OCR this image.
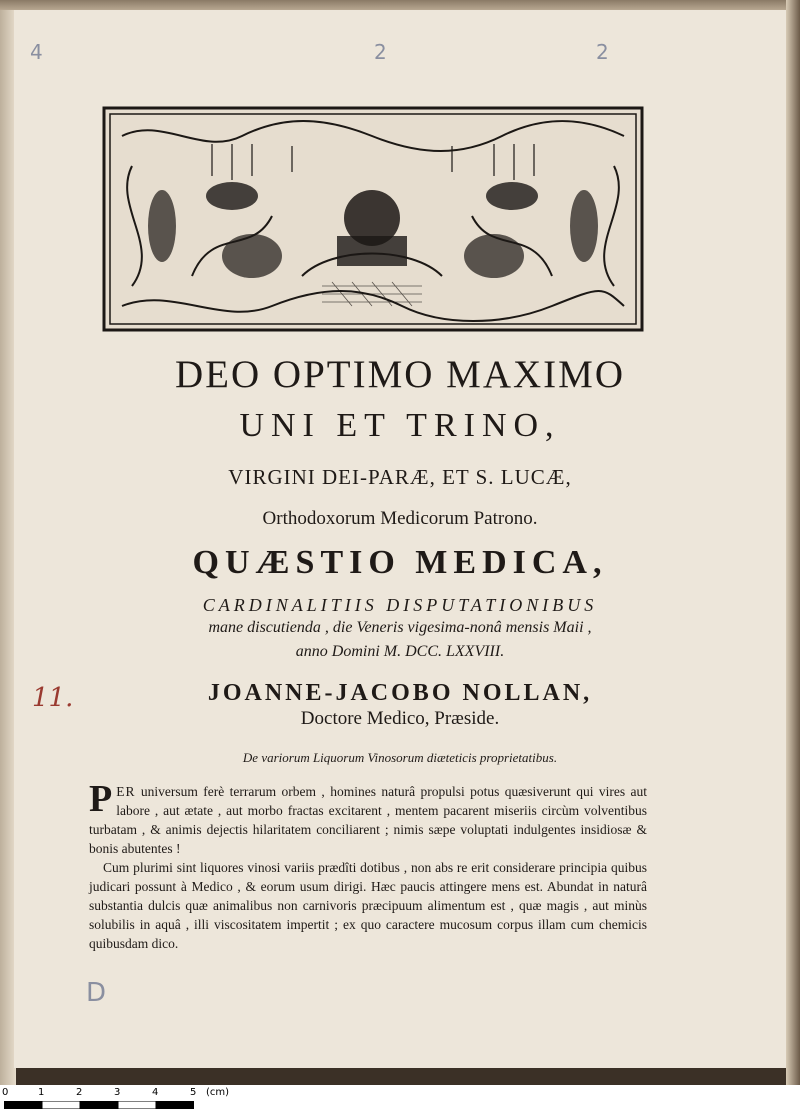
4	2	2
DEO OPTIMO MAXIMO
UNI ET TRINO,
VIRGINI DEI-PARÆ, ET S. LUCÆ,
Orthodoxorum Medicorum Patrono.
QUÆSTIO MEDICA,
CARDINALITIIS DISPUTATIONIBUS
mane discutienda , die Veneris vigesima-nonâ mensis Maii ,
anno Domini M. DCC. LXXVIII.
JOANNE-JACOBO NOLLAN,
Doctore Medico, Præside.
De variorum Liquorum Vinosorum diæteticis proprietatibus.
11.

PER universum ferè terrarum orbem , homines naturâ propulsi potus quæsiverunt qui vires aut labore , aut ætate , aut morbo fractas excitarent , mentem pacarent miseriis circùm volventibus turbatam , & animis dejectis hilaritatem conciliarent ; nimis sæpe voluptati indulgentes insidiosæ & bonis abutentes !

Cum plurimi sint liquores vinosi variis prædîti dotibus , non abs re erit considerare principia quibus judicari possunt à Medico , & eorum usum dirigi. Hæc paucis attingere mens est. Abundat in naturâ substantia dulcis quæ animalibus non carnivoris præcipuum alimentum est , quæ magis , aut minùs solubilis in aquâ , illi viscositatem impertit ; ex quo caractere mucosum corpus illam cum chemicis quibusdam dico.

D
0	1	2	3	4	5 (cm)
